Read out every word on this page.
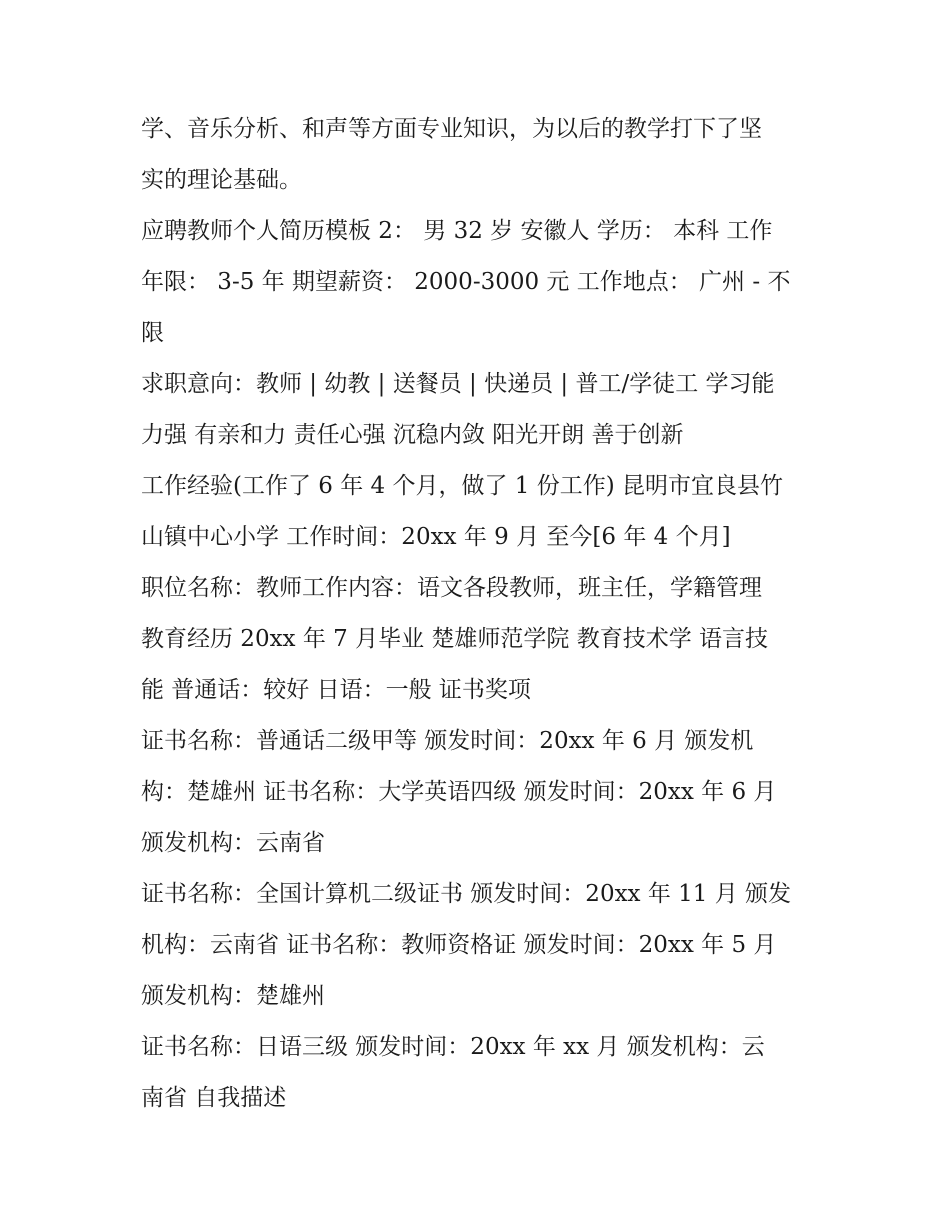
学、音乐分析、和声等方面专业知识，为以后的教学打下了坚
实的理论基础。
应聘教师个人简历模板 2： 男 32 岁 安徽人 学历： 本科 工作
年限： 3-5 年 期望薪资： 2000-3000 元 工作地点： 广州 - 不
限
求职意向：教师 | 幼教 | 送餐员 | 快递员 | 普工/学徒工 学习能
力强 有亲和力 责任心强 沉稳内敛 阳光开朗 善于创新
工作经验(工作了 6 年 4 个月，做了 1 份工作) 昆明市宜良县竹
山镇中心小学 工作时间：20xx 年 9 月 至今[6 年 4 个月]
职位名称：教师工作内容：语文各段教师，班主任，学籍管理
教育经历 20xx 年 7 月毕业 楚雄师范学院 教育技术学 语言技
能 普通话：较好 日语：一般 证书奖项
证书名称：普通话二级甲等 颁发时间：20xx 年 6 月 颁发机
构：楚雄州 证书名称：大学英语四级 颁发时间：20xx 年 6 月
颁发机构：云南省
证书名称：全国计算机二级证书 颁发时间：20xx 年 11 月 颁发
机构：云南省 证书名称：教师资格证 颁发时间：20xx 年 5 月
颁发机构：楚雄州
证书名称：日语三级 颁发时间：20xx 年 xx 月 颁发机构：云
南省 自我描述
